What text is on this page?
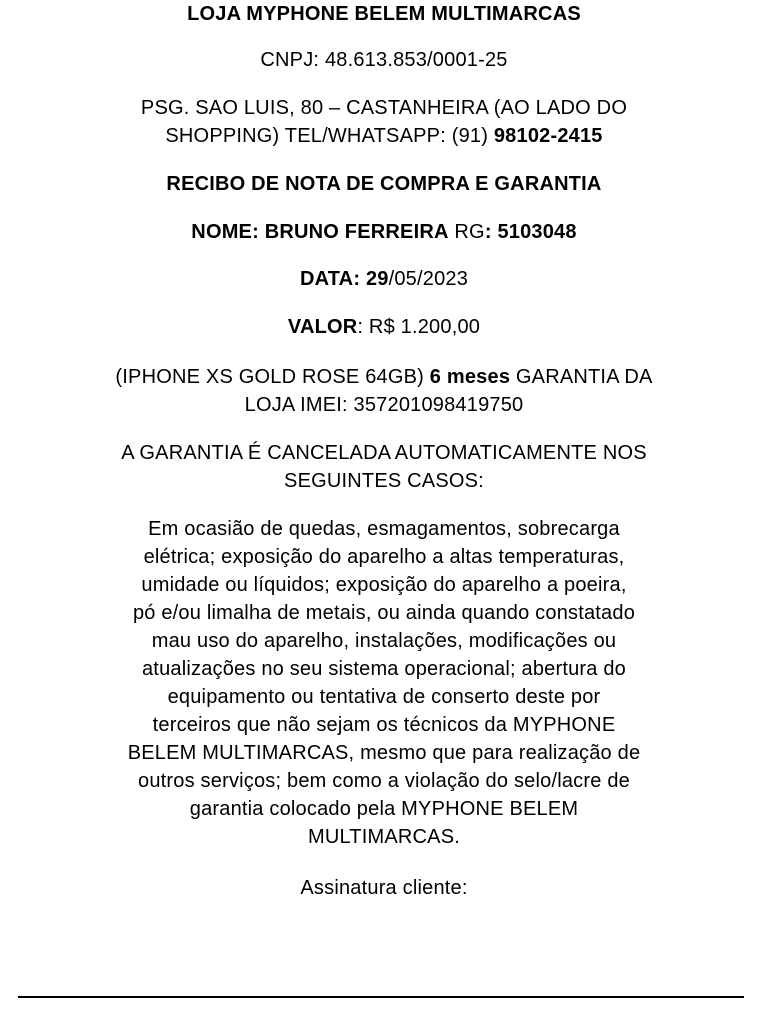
LOJA MYPHONE BELEM MULTIMARCAS

CNPJ: 48.613.853/0001-25

PSG. SAO LUIS, 80 – CASTANHEIRA (AO LADO DO

SHOPPING) TEL/WHATSAPP: (91) 98102-2415

RECIBO DE NOTA DE COMPRA E GARANTIA

NOME: BRUNO FERREIRA RG: 5103048

DATA: 29/05/2023

VALOR: R$ 1.200,00

(IPHONE XS GOLD ROSE 64GB) 6 meses GARANTIA DA

LOJA IMEI: 357201098419750

A GARANTIA É CANCELADA AUTOMATICAMENTE NOS

SEGUINTES CASOS:

Em ocasião de quedas, esmagamentos, sobrecarga

elétrica; exposição do aparelho a altas temperaturas,

umidade ou líquidos; exposição do aparelho a poeira,

pó e/ou limalha de metais, ou ainda quando constatado

mau uso do aparelho, instalações, modificações ou

atualizações no seu sistema operacional; abertura do

equipamento ou tentativa de conserto deste por

terceiros que não sejam os técnicos da MYPHONE

BELEM MULTIMARCAS, mesmo que para realização de

outros serviços; bem como a violação do selo/lacre de

garantia colocado pela MYPHONE BELEM

MULTIMARCAS.

Assinatura cliente:
